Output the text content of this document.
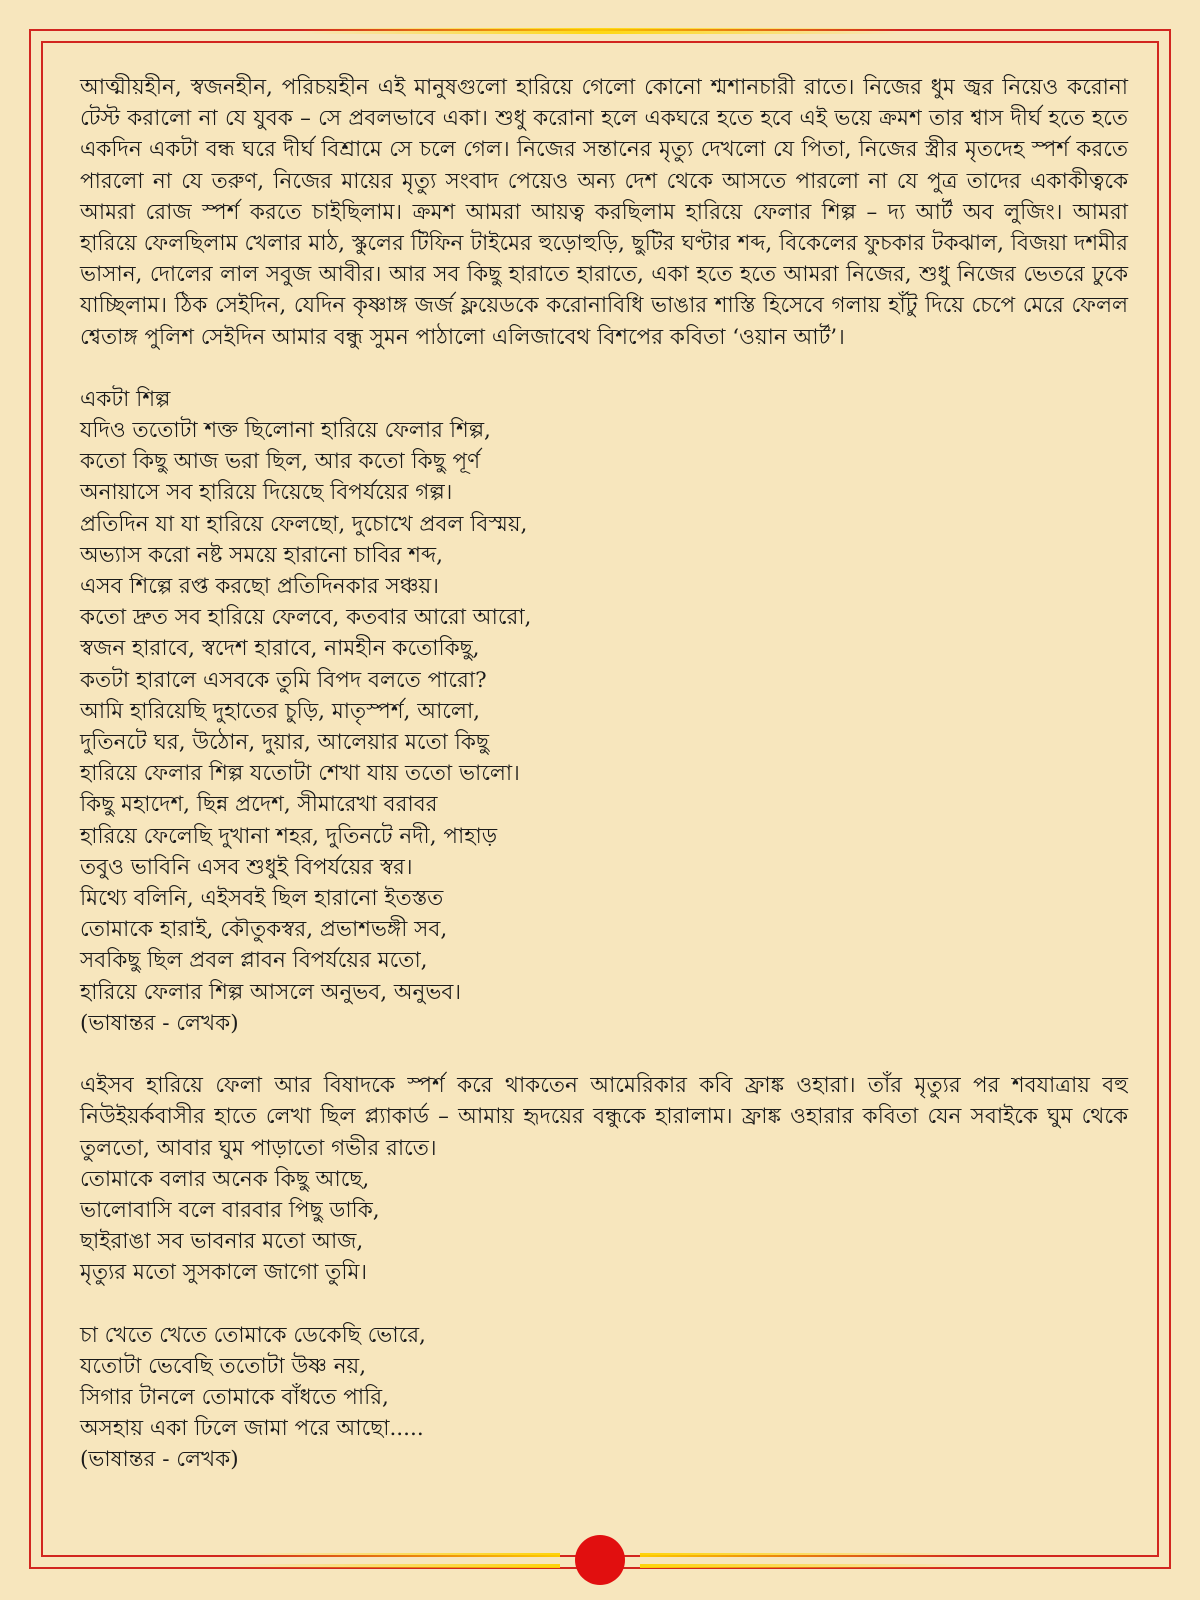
আত্মীয়হীন, স্বজনহীন, পরিচয়হীন এই মানুষগুলো হারিয়ে গেলো কোনো শ্মশানচারী রাতে। নিজের ধুম জ্বর নিয়েও করোনা টেস্ট করালো না যে যুবক – সে প্রবলভাবে একা। শুধু করোনা হলে একঘরে হতে হবে এই ভয়ে ক্রমশ তার শ্বাস দীর্ঘ হতে হতে একদিন একটা বন্ধ ঘরে দীর্ঘ বিশ্রামে সে চলে গেল। নিজের সন্তানের মৃত্যু দেখলো যে পিতা, নিজের স্ত্রীর মৃতদেহ স্পর্শ করতে পারলো না যে তরুণ, নিজের মায়ের মৃত্যু সংবাদ পেয়েও অন্য দেশ থেকে আসতে পারলো না যে পুত্র তাদের একাকীত্বকে আমরা রোজ স্পর্শ করতে চাইছিলাম। ক্রমশ আমরা আয়ত্ব করছিলাম হারিয়ে ফেলার শিল্প – দ্য আর্ট অব লুজিং। আমরা হারিয়ে ফেলছিলাম খেলার মাঠ, স্কুলের টিফিন টাইমের হুড়োহুড়ি, ছুটির ঘণ্টার শব্দ, বিকেলের ফুচকার টকঝাল, বিজয়া দশমীর ভাসান, দোলের লাল সবুজ আবীর। আর সব কিছু হারাতে হারাতে, একা হতে হতে আমরা নিজের, শুধু নিজের ভেতরে ঢুকে যাচ্ছিলাম। ঠিক সেইদিন, যেদিন কৃষ্ণাঙ্গ জর্জ ফ্লয়েডকে করোনাবিধি ভাঙার শাস্তি হিসেবে গলায় হাঁটু দিয়ে চেপে মেরে ফেলল শ্বেতাঙ্গ পুলিশ সেইদিন আমার বন্ধু সুমন পাঠালো এলিজাবেথ বিশপের কবিতা ‘ওয়ান আর্ট’।

একটা শিল্প
যদিও ততোটা শক্ত ছিলোনা হারিয়ে ফেলার শিল্প,
কতো কিছু আজ ভরা ছিল, আর কতো কিছু পূর্ণ
অনায়াসে সব হারিয়ে দিয়েছে বিপর্যয়ের গল্প।
প্রতিদিন যা যা হারিয়ে ফেলছো, দুচোখে প্রবল বিস্ময়,
অভ্যাস করো নষ্ট সময়ে হারানো চাবির শব্দ,
এসব শিল্পে রপ্ত করছো প্রতিদিনকার সঞ্চয়।
কতো দ্রুত সব হারিয়ে ফেলবে, কতবার আরো আরো,
স্বজন হারাবে, স্বদেশ হারাবে, নামহীন কতোকিছু,
কতটা হারালে এসবকে তুমি বিপদ বলতে পারো?
আমি হারিয়েছি দুহাতের চুড়ি, মাতৃস্পর্শ, আলো,
দুতিনটে ঘর, উঠোন, দুয়ার, আলেয়ার মতো কিছু
হারিয়ে ফেলার শিল্প যতোটা শেখা যায় ততো ভালো।
কিছু মহাদেশ, ছিন্ন প্রদেশ, সীমারেখা বরাবর
হারিয়ে ফেলেছি দুখানা শহর, দুতিনটে নদী, পাহাড়
তবুও ভাবিনি এসব শুধুই বিপর্যয়ের স্বর।
মিথ্যে বলিনি, এইসবই ছিল হারানো ইতস্তত
তোমাকে হারাই, কৌতুকস্বর, প্রভাশভঙ্গী সব,
সবকিছু ছিল প্রবল প্লাবন বিপর্যয়ের মতো,
হারিয়ে ফেলার শিল্প আসলে অনুভব, অনুভব।
(ভাষান্তর - লেখক)

এইসব হারিয়ে ফেলা আর বিষাদকে স্পর্শ করে থাকতেন আমেরিকার কবি ফ্রাঙ্ক ওহারা। তাঁর মৃত্যুর পর শবযাত্রায় বহু নিউইয়র্কবাসীর হাতে লেখা ছিল প্ল্যাকার্ড – আমায় হৃদয়ের বন্ধুকে হারালাম। ফ্রাঙ্ক ওহারার কবিতা যেন সবাইকে ঘুম থেকে তুলতো, আবার ঘুম পাড়াতো গভীর রাতে।

তোমাকে বলার অনেক কিছু আছে,
ভালোবাসি বলে বারবার পিছু ডাকি,
ছাইরাঙা সব ভাবনার মতো আজ,
মৃত্যুর মতো সুসকালে জাগো তুমি।
চা খেতে খেতে তোমাকে ডেকেছি ভোরে,
যতোটা ভেবেছি ততোটা উষ্ণ নয়,
সিগার টানলে তোমাকে বাঁধতে পারি,
অসহায় একা ঢিলে জামা পরে আছো.....
(ভাষান্তর - লেখক)
